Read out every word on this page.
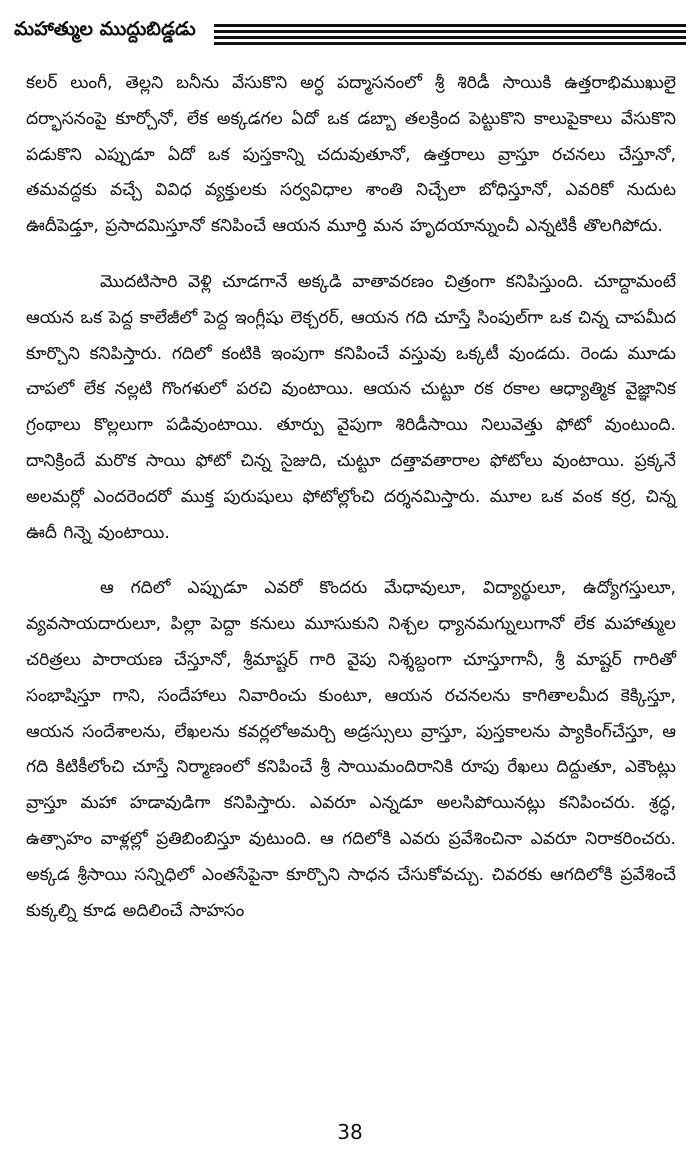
మహాత్ముల ముద్దుబిడ్డడు

కలర్ లుంగీ, తెల్లని బనీను వేసుకొని అర్ధ పద్మాసనంలో శ్రీ శిరిడీ సాయికి ఉత్తరాభిముఖులై దర్భాసనంపై కూర్చోనో, లేక అక్కడగల ఏదో ఒక డబ్బా తలక్రింద పెట్టుకొని కాలుపైకాలు వేసుకొని పడుకొని ఎప్పుడూ ఏదో ఒక పుస్తకాన్ని చదువుతూనో, ఉత్తరాలు వ్రాస్తూ రచనలు చేస్తూనో, తమవద్దకు వచ్చే వివిధ వ్యక్తులకు సర్వవిధాల శాంతి నిచ్చేలా బోధిస్తూనో, ఎవరికో నుదుట ఊదీపెడ్తూ, ప్రసాదమిస్తూనో కనిపించే ఆయన మూర్తి మన హృదయాన్నుంచీ ఎన్నటికీ తొలగిపోదు.

మొదటిసారి వెళ్లి చూడగానే అక్కడి వాతావరణం చిత్రంగా కనిపిస్తుంది. చూద్దామంటే ఆయన ఒక పెద్ద కాలేజీలో పెద్ద ఇంగ్లీషు లెక్చరర్, ఆయన గది చూస్తే సింపుల్‌గా ఒక చిన్న చాపమీద కూర్చొని కనిపిస్తారు. గదిలో కంటికి ఇంపుగా కనిపించే వస్తువు ఒక్కటీ వుండదు. రెండు మూడు చాపలో లేక నల్లటి గొంగళులో పరచి వుంటాయి. ఆయన చుట్టూ రక రకాల ఆధ్యాత్మిక వైజ్ఞానిక గ్రంథాలు కొల్లలుగా పడివుంటాయి. తూర్పు వైపుగా శిరిడీసాయి నిలువెత్తు ఫోటో వుంటుంది. దానిక్రిందే మరొక సాయి ఫోటో చిన్న సైజుది, చుట్టూ దత్తావతారాల ఫోటోలు వుంటాయి. ప్రక్కనే అలమర్లో ఎందరెందరో ముక్త పురుషులు ఫోటోల్లోంచి దర్శనమిస్తారు. మూల ఒక వంక కర్ర, చిన్న ఊదీ గిన్నె వుంటాయి.

ఆ గదిలో ఎప్పుడూ ఎవరో కొందరు మేధావులూ, విద్యార్థులూ, ఉద్యోగస్తులూ, వ్యవసాయదారులూ, పిల్లా పెద్దా కనులు మూసుకుని నిశ్చల ధ్యానమగ్నులుగానో లేక మహాత్ముల చరిత్రలు పారాయణ చేస్తూనో, శ్రీమాష్టర్ గారి వైపు నిశ్శబ్దంగా చూస్తూగానీ, శ్రీ మాష్టర్ గారితో సంభాషిస్తూ గాని, సందేహాలు నివారించు కుంటూ, ఆయన రచనలను కాగితాలమీద కెక్కిస్తూ, ఆయన సందేశాలను, లేఖలను కవర్లలోఅమర్చి అడ్రస్సులు వ్రాస్తూ, పుస్తకాలను ప్యాకింగ్‌చేస్తూ, ఆ గది కిటికీలోంచి చూస్తే నిర్మాణంలో కనిపించే శ్రీ సాయిమందిరానికి రూపు రేఖలు దిద్దుతూ, ఎకౌంట్లు వ్రాస్తూ మహా హడావుడిగా కనిపిస్తారు. ఎవరూ ఎన్నడూ అలసిపోయినట్లు కనిపించరు. శ్రద్ధ, ఉత్సాహం వాళ్లల్లో ప్రతిబింబిస్తూ వుటుంది. ఆ గదిలోకి ఎవరు ప్రవేశించినా ఎవరూ నిరాకరించరు. అక్కడ శ్రీసాయి సన్నిధిలో ఎంతసేపైనా కూర్చొని సాధన చేసుకోవచ్చు. చివరకు ఆగదిలోకి ప్రవేశించే కుక్కల్ని కూడ అదిలించే సాహసం

38
